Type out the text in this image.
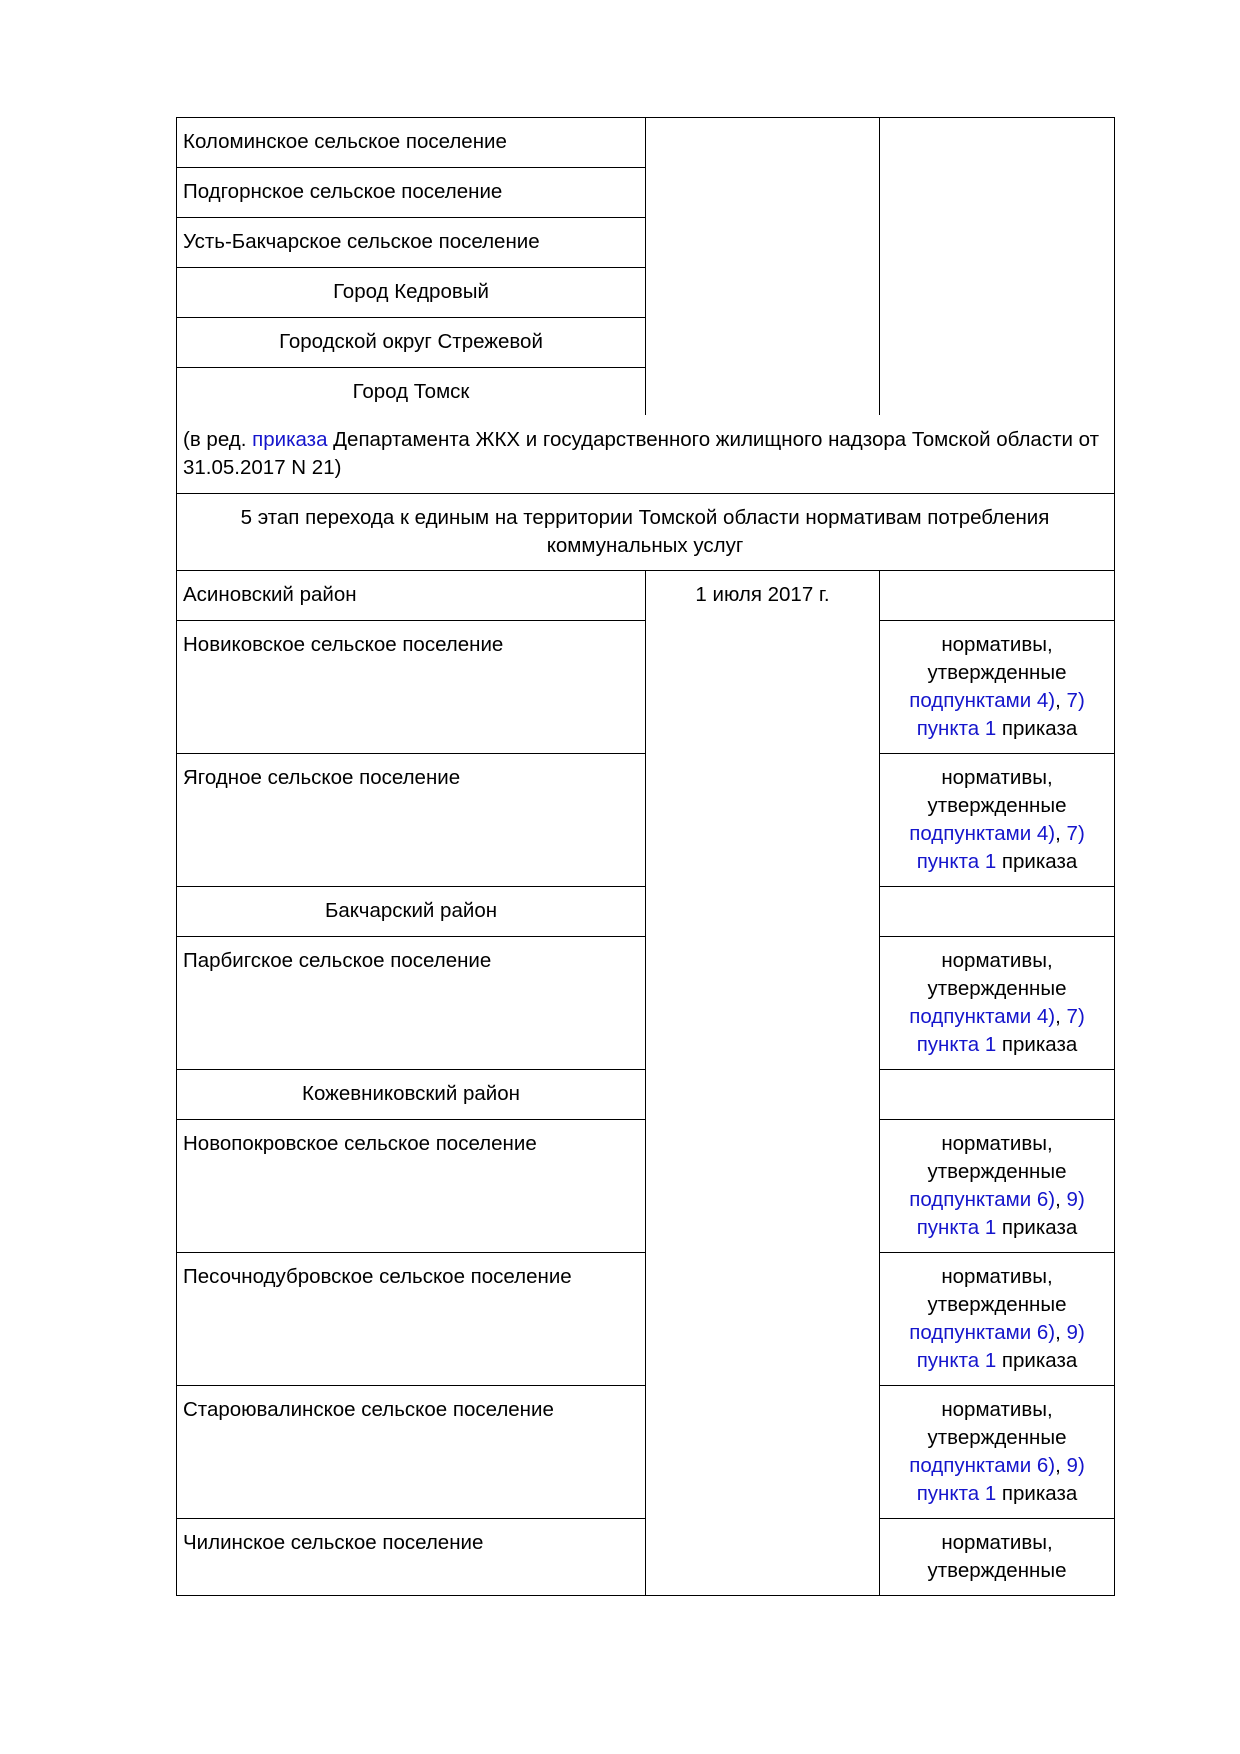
Коломинское сельское поселение
Подгорнское сельское поселение
Усть-Бакчарское сельское поселение
Город Кедровый
Городской округ Стрежевой
Город Томск
(в ред. приказа Департамента ЖКХ и государственного жилищного надзора Томской области от 31.05.2017 N 21)
5 этап перехода к единым на территории Томской области нормативам потребления коммунальных услуг
1 июля 2017 г.
Асиновский район
Новиковское сельское поселение
Ягодное сельское поселение
Бакчарский район
Парбигское сельское поселение
Кожевниковский район
Новопокровское сельское поселение
Песочнодубровское сельское поселение
Староювалинское сельское поселение
Чилинское сельское поселение
нормативы,
утвержденные
подпунктами 4), 7)
пункта 1 приказа
нормативы,
утвержденные
подпунктами 4), 7)
пункта 1 приказа
нормативы,
утвержденные
подпунктами 4), 7)
пункта 1 приказа
нормативы,
утвержденные
подпунктами 6), 9)
пункта 1 приказа
нормативы,
утвержденные
подпунктами 6), 9)
пункта 1 приказа
нормативы,
утвержденные
подпунктами 6), 9)
пункта 1 приказа
нормативы,
утвержденные
